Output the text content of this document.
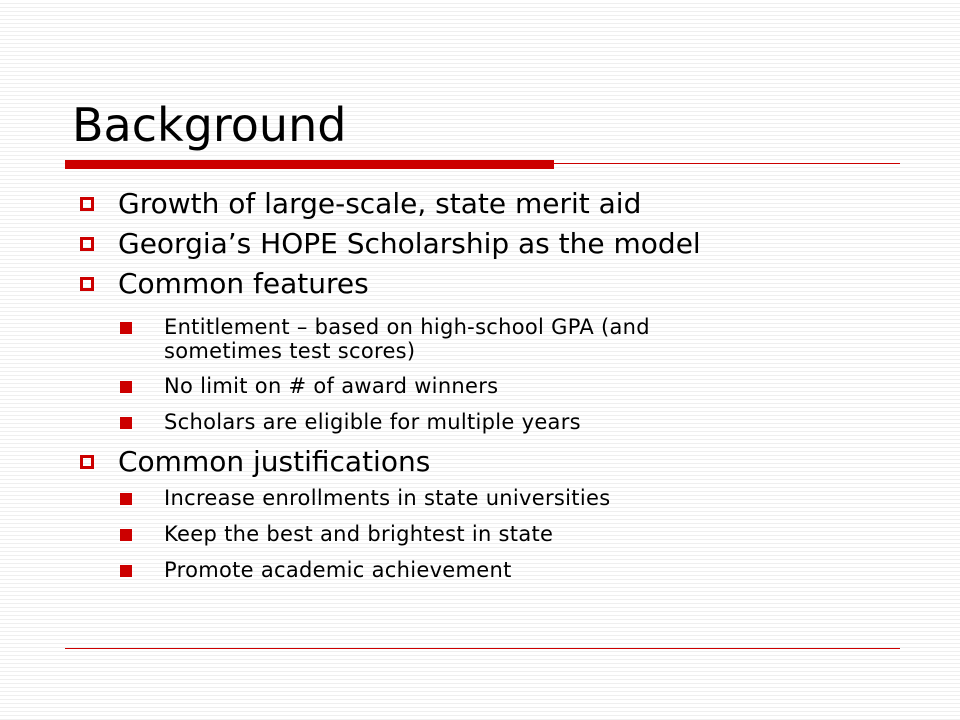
Background
Growth of large-scale, state merit aid
Georgia’s HOPE Scholarship as the model
Common features
Entitlement – based on high-school GPA (and
sometimes test scores)
No limit on # of award winners
Scholars are eligible for multiple years
Common justifications
Increase enrollments in state universities
Keep the best and brightest in state
Promote academic achievement
